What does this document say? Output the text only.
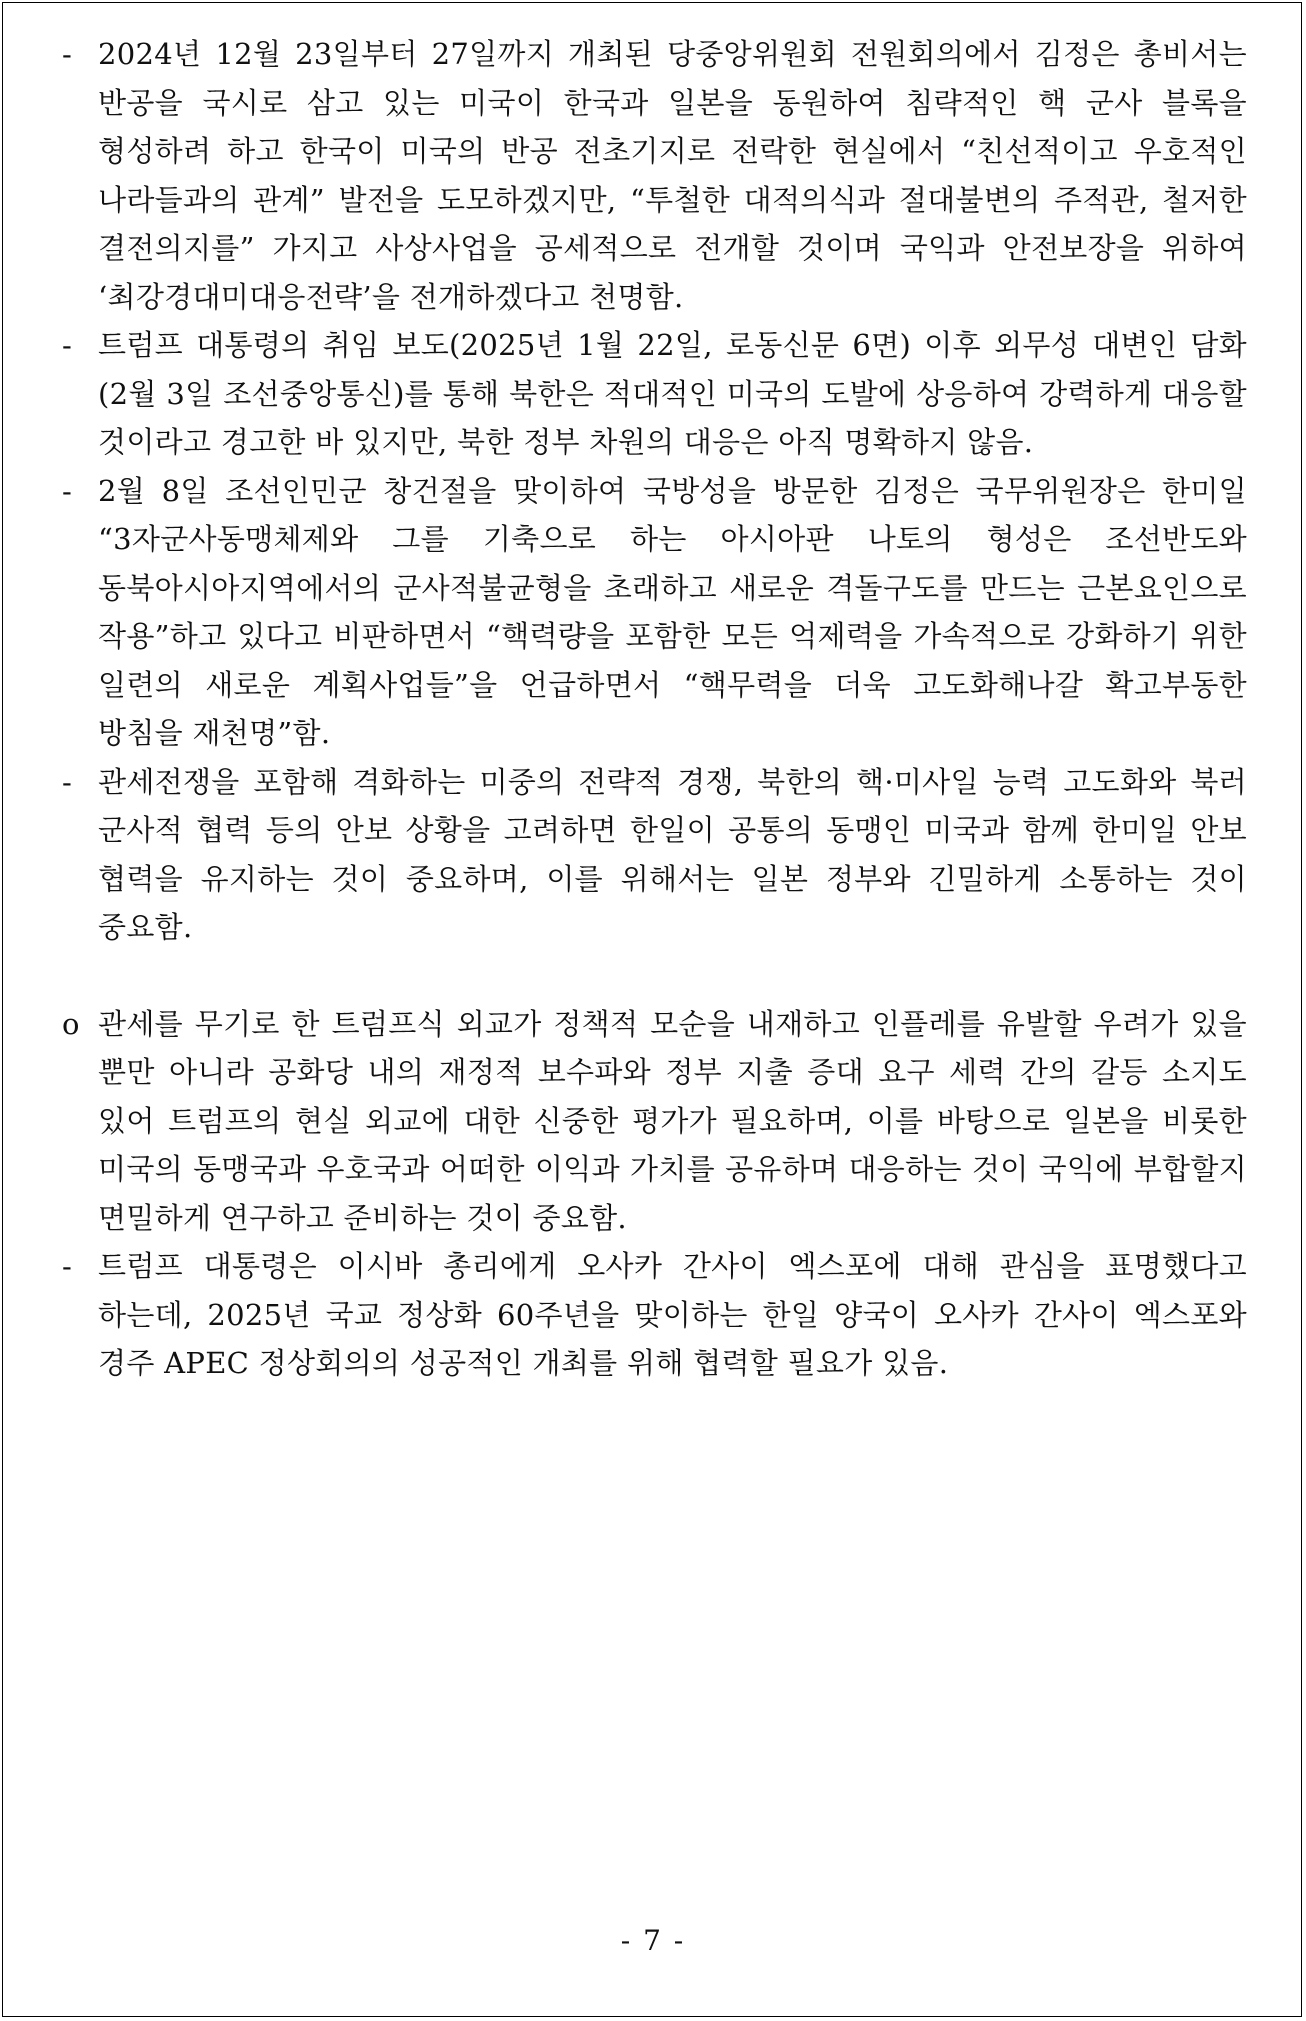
- 2024년 12월 23일부터 27일까지 개최된 당중앙위원회 전원회의에서 김정은 총비서는 반공을 국시로 삼고 있는 미국이 한국과 일본을 동원하여 침략적인 핵 군사 블록을 형성하려 하고 한국이 미국의 반공 전초기지로 전락한 현실에서 “친선적이고 우호적인 나라들과의 관계” 발전을 도모하겠지만, “투철한 대적의식과 절대불변의 주적관, 철저한 결전의지를” 가지고 사상사업을 공세적으로 전개할 것이며 국익과 안전보장을 위하여 ‘최강경대미대응전략’을 전개하겠다고 천명함.
- 트럼프 대통령의 취임 보도(2025년 1월 22일, 로동신문 6면) 이후 외무성 대변인 담화(2월 3일 조선중앙통신)를 통해 북한은 적대적인 미국의 도발에 상응하여 강력하게 대응할 것이라고 경고한 바 있지만, 북한 정부 차원의 대응은 아직 명확하지 않음.
- 2월 8일 조선인민군 창건절을 맞이하여 국방성을 방문한 김정은 국무위원장은 한미일 “3자군사동맹체제와 그를 기축으로 하는 아시아판 나토의 형성은 조선반도와 동북아시아지역에서의 군사적불균형을 초래하고 새로운 격돌구도를 만드는 근본요인으로 작용”하고 있다고 비판하면서 “핵력량을 포함한 모든 억제력을 가속적으로 강화하기 위한 일련의 새로운 계획사업들”을 언급하면서 “핵무력을 더욱 고도화해나갈 확고부동한 방침을 재천명”함.
- 관세전쟁을 포함해 격화하는 미중의 전략적 경쟁, 북한의 핵·미사일 능력 고도화와 북러 군사적 협력 등의 안보 상황을 고려하면 한일이 공통의 동맹인 미국과 함께 한미일 안보 협력을 유지하는 것이 중요하며, 이를 위해서는 일본 정부와 긴밀하게 소통하는 것이 중요함.
o 관세를 무기로 한 트럼프식 외교가 정책적 모순을 내재하고 인플레를 유발할 우려가 있을 뿐만 아니라 공화당 내의 재정적 보수파와 정부 지출 증대 요구 세력 간의 갈등 소지도 있어 트럼프의 현실 외교에 대한 신중한 평가가 필요하며, 이를 바탕으로 일본을 비롯한 미국의 동맹국과 우호국과 어떠한 이익과 가치를 공유하며 대응하는 것이 국익에 부합할지 면밀하게 연구하고 준비하는 것이 중요함.
- 트럼프 대통령은 이시바 총리에게 오사카 간사이 엑스포에 대해 관심을 표명했다고 하는데, 2025년 국교 정상화 60주년을 맞이하는 한일 양국이 오사카 간사이 엑스포와 경주 APEC 정상회의의 성공적인 개최를 위해 협력할 필요가 있음.
- 7 -
